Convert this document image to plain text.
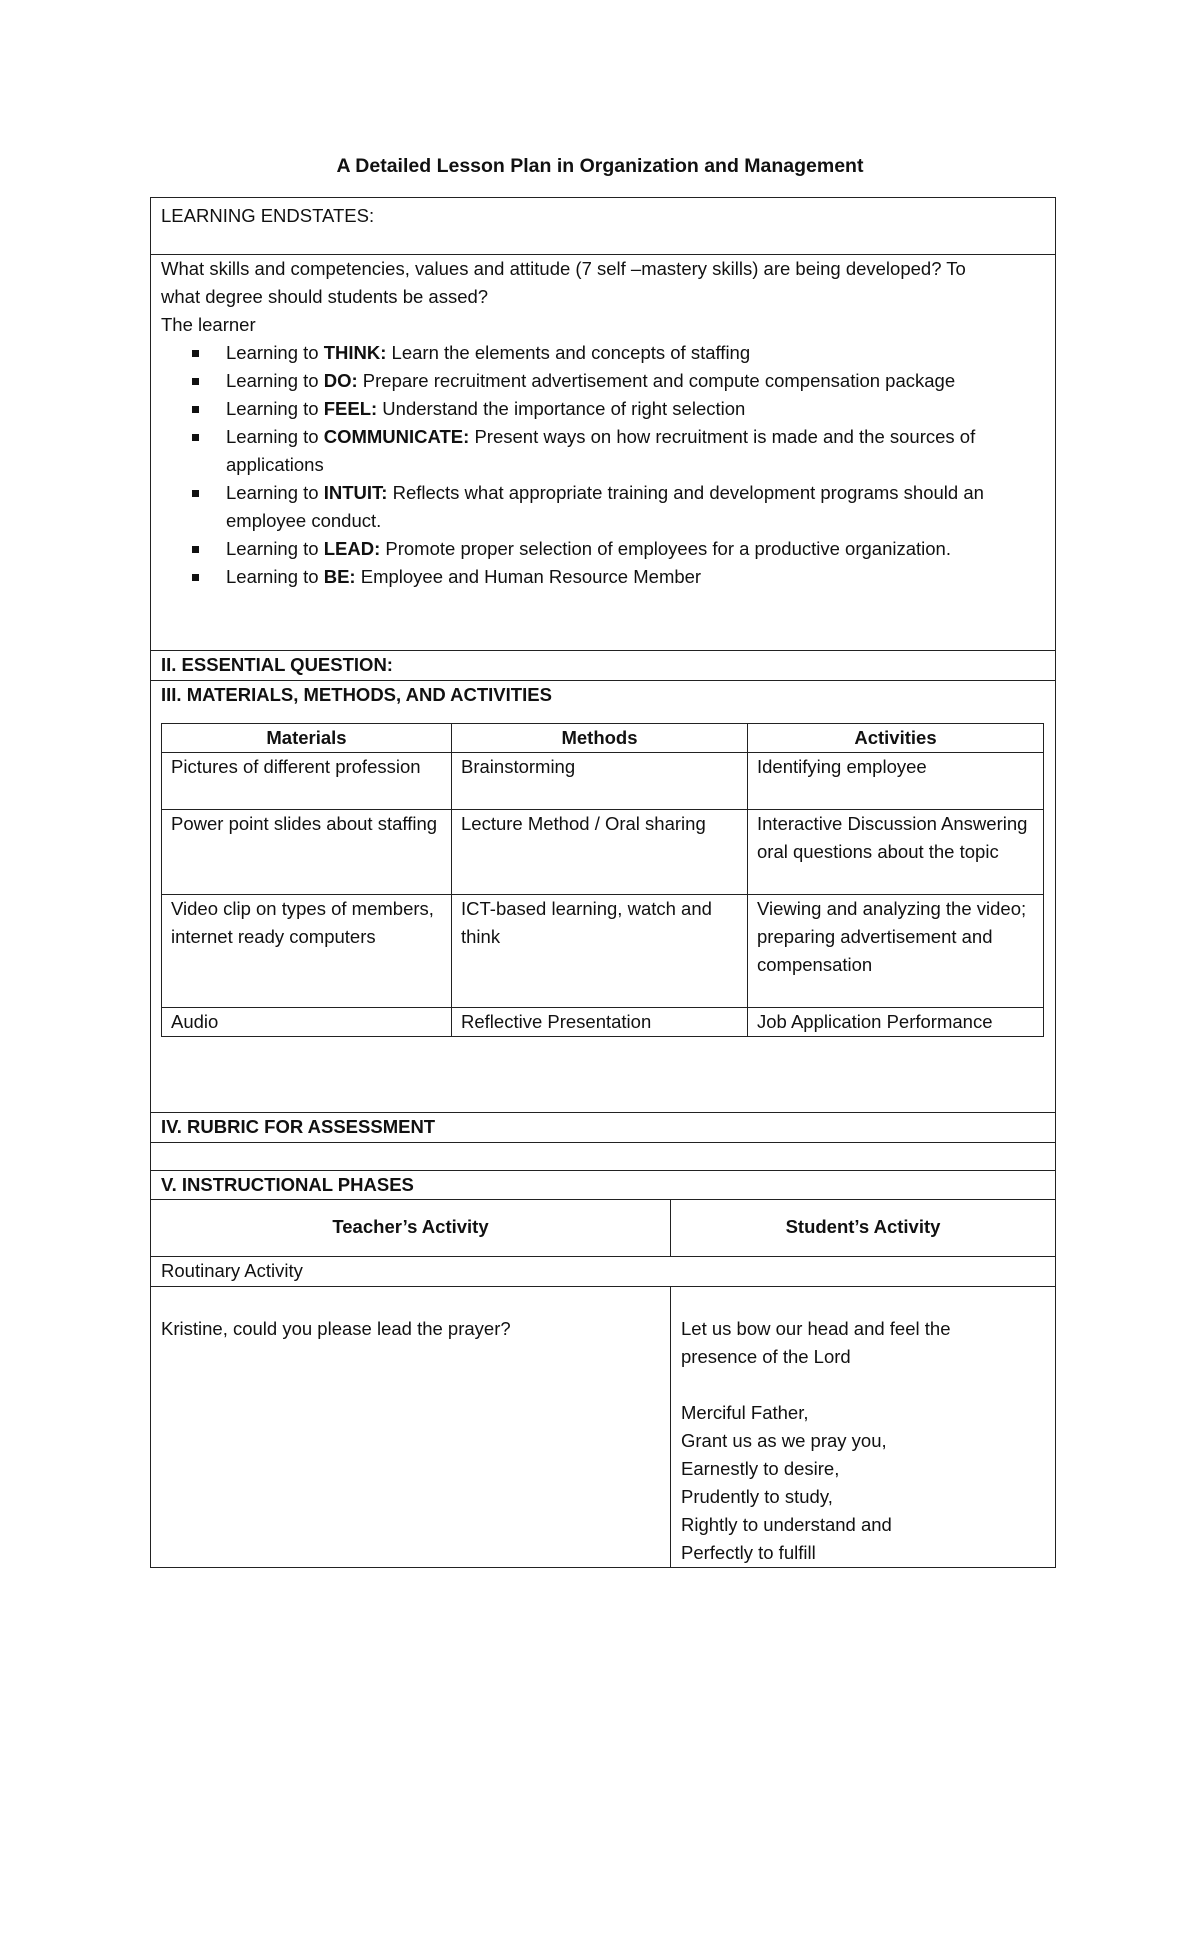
A Detailed Lesson Plan in Organization and Management
LEARNING ENDSTATES:
What skills and competencies, values and attitude (7 self –mastery skills) are being developed? To what degree should students be assed?
The learner
Learning to THINK: Learn the elements and concepts of staffing
Learning to DO: Prepare recruitment advertisement and compute compensation package
Learning to FEEL: Understand the importance of right selection
Learning to COMMUNICATE: Present ways on how recruitment is made and the sources of applications
Learning to INTUIT: Reflects what appropriate training and development programs should an employee conduct.
Learning to LEAD: Promote proper selection of employees for a productive organization.
Learning to BE: Employee and Human Resource Member
II. ESSENTIAL QUESTION:
III. MATERIALS, METHODS, AND ACTIVITIES
Materials	Methods	Activities
Pictures of different profession	Brainstorming	Identifying employee
Power point slides about staffing	Lecture Method / Oral sharing	Interactive Discussion Answering oral questions about the topic
Video clip on types of members, internet ready computers	ICT-based learning, watch and think	Viewing and analyzing the video; preparing advertisement and compensation
Audio	Reflective Presentation	Job Application Performance
IV. RUBRIC FOR ASSESSMENT
V. INSTRUCTIONAL PHASES
Teacher’s Activity	Student’s Activity
Routinary Activity
Kristine, could you please lead the prayer?	Let us bow our head and feel the presence of the Lord

Merciful Father,
Grant us as we pray you,
Earnestly to desire,
Prudently to study,
Rightly to understand and
Perfectly to fulfill
